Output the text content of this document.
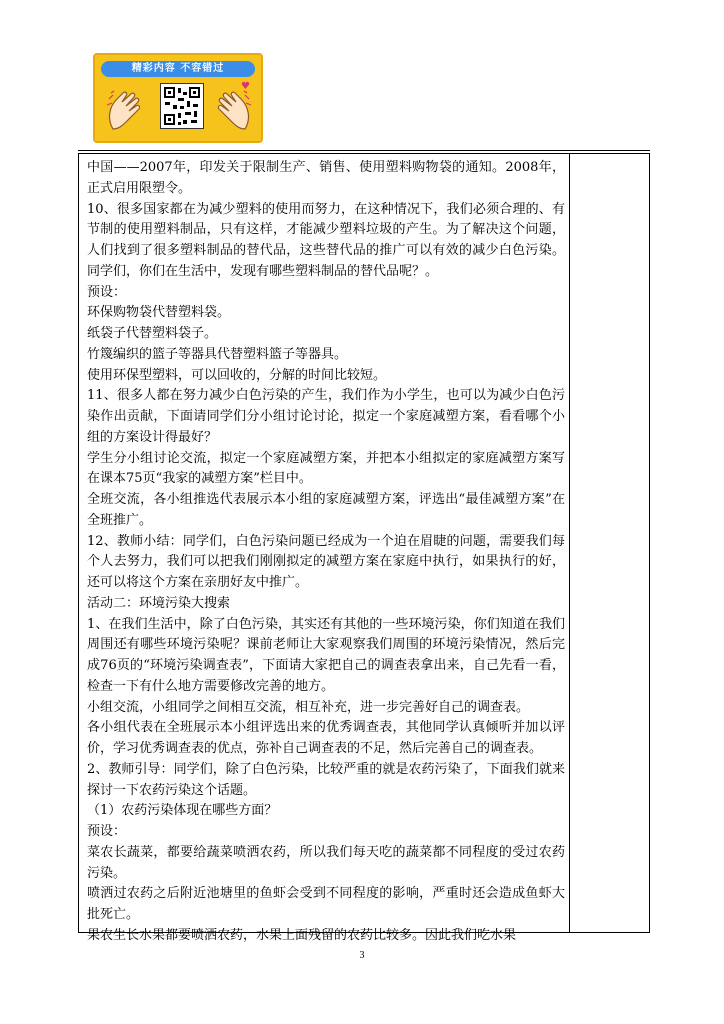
精彩内容 不容错过
♥

中国——2007年，印发关于限制生产、销售、使用塑料购物袋的通知。2008年，正式启用限塑令。

10、很多国家都在为减少塑料的使用而努力，在这种情况下，我们必须合理的、有节制的使用塑料制品，只有这样，才能减少塑料垃圾的产生。为了解决这个问题，人们找到了很多塑料制品的替代品，这些替代品的推广可以有效的减少白色污染。同学们，你们在生活中，发现有哪些塑料制品的替代品呢？。

预设：

环保购物袋代替塑料袋。

纸袋子代替塑料袋子。

竹篾编织的篮子等器具代替塑料篮子等器具。

使用环保型塑料，可以回收的，分解的时间比较短。

11、很多人都在努力减少白色污染的产生，我们作为小学生，也可以为减少白色污染作出贡献，下面请同学们分小组讨论讨论，拟定一个家庭减塑方案，看看哪个小组的方案设计得最好？

学生分小组讨论交流，拟定一个家庭减塑方案，并把本小组拟定的家庭减塑方案写在课本75页“我家的减塑方案”栏目中。

全班交流，各小组推选代表展示本小组的家庭减塑方案，评选出“最佳减塑方案”在全班推广。

12、教师小结：同学们，白色污染问题已经成为一个迫在眉睫的问题，需要我们每个人去努力，我们可以把我们刚刚拟定的减塑方案在家庭中执行，如果执行的好，还可以将这个方案在亲朋好友中推广。

活动二：环境污染大搜索

1、在我们生活中，除了白色污染，其实还有其他的一些环境污染，你们知道在我们周围还有哪些环境污染呢？课前老师让大家观察我们周围的环境污染情况，然后完成76页的“环境污染调查表”，下面请大家把自己的调查表拿出来，自己先看一看，检查一下有什么地方需要修改完善的地方。

小组交流，小组同学之间相互交流，相互补充，进一步完善好自己的调查表。

各小组代表在全班展示本小组评选出来的优秀调查表，其他同学认真倾听并加以评价，学习优秀调查表的优点，弥补自己调查表的不足，然后完善自己的调查表。

2、教师引导：同学们，除了白色污染，比较严重的就是农药污染了，下面我们就来探讨一下农药污染这个话题。

（1）农药污染体现在哪些方面？

预设：

菜农长蔬菜，都要给蔬菜喷洒农药，所以我们每天吃的蔬菜都不同程度的受过农药污染。

喷洒过农药之后附近池塘里的鱼虾会受到不同程度的影响，严重时还会造成鱼虾大批死亡。

果农生长水果都要喷洒农药，水果上面残留的农药比较多。因此我们吃水果

3
